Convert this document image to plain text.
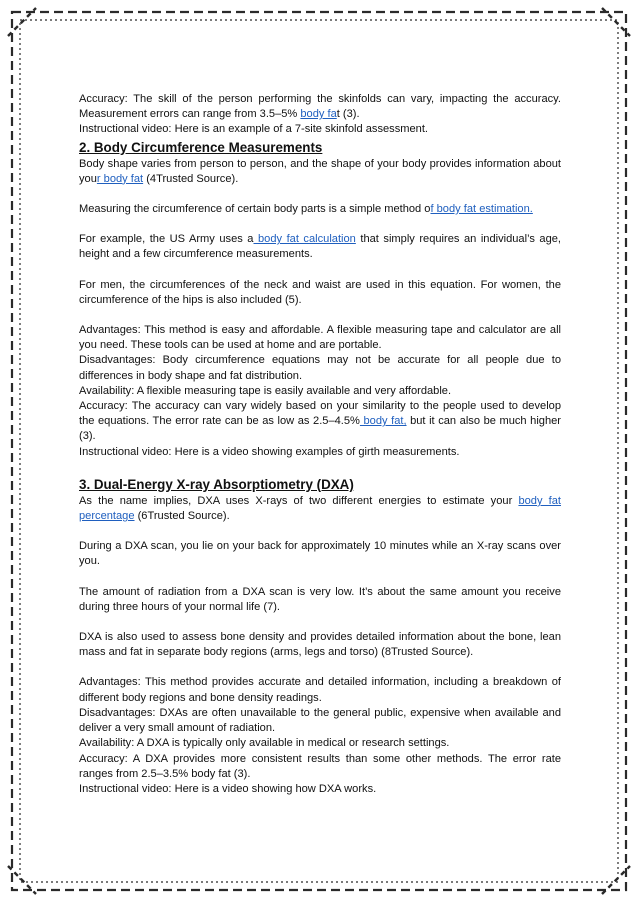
Accuracy: The skill of the person performing the skinfolds can vary, impacting the accuracy. Measurement errors can range from 3.5–5% body fat (3).

Instructional video: Here is an example of a 7-site skinfold assessment.

2. Body Circumference Measurements

Body shape varies from person to person, and the shape of your body provides information about your body fat (4Trusted Source).

Measuring the circumference of certain body parts is a simple method of body fat estimation.

For example, the US Army uses a body fat calculation that simply requires an individual’s age, height and a few circumference measurements.

For men, the circumferences of the neck and waist are used in this equation. For women, the circumference of the hips is also included (5).

Advantages: This method is easy and affordable. A flexible measuring tape and calculator are all you need. These tools can be used at home and are portable.

Disadvantages: Body circumference equations may not be accurate for all people due to differences in body shape and fat distribution.

Availability: A flexible measuring tape is easily available and very affordable.

Accuracy: The accuracy can vary widely based on your similarity to the people used to develop the equations. The error rate can be as low as 2.5–4.5% body fat, but it can also be much higher (3).

Instructional video: Here is a video showing examples of girth measurements.

3. Dual-Energy X-ray Absorptiometry (DXA)

As the name implies, DXA uses X-rays of two different energies to estimate your body fat percentage (6Trusted Source).

During a DXA scan, you lie on your back for approximately 10 minutes while an X-ray scans over you.

The amount of radiation from a DXA scan is very low. It’s about the same amount you receive during three hours of your normal life (7).

DXA is also used to assess bone density and provides detailed information about the bone, lean mass and fat in separate body regions (arms, legs and torso) (8Trusted Source).

Advantages: This method provides accurate and detailed information, including a breakdown of different body regions and bone density readings.

Disadvantages: DXAs are often unavailable to the general public, expensive when available and deliver a very small amount of radiation.

Availability: A DXA is typically only available in medical or research settings.

Accuracy: A DXA provides more consistent results than some other methods. The error rate ranges from 2.5–3.5% body fat (3).

Instructional video: Here is a video showing how DXA works.
